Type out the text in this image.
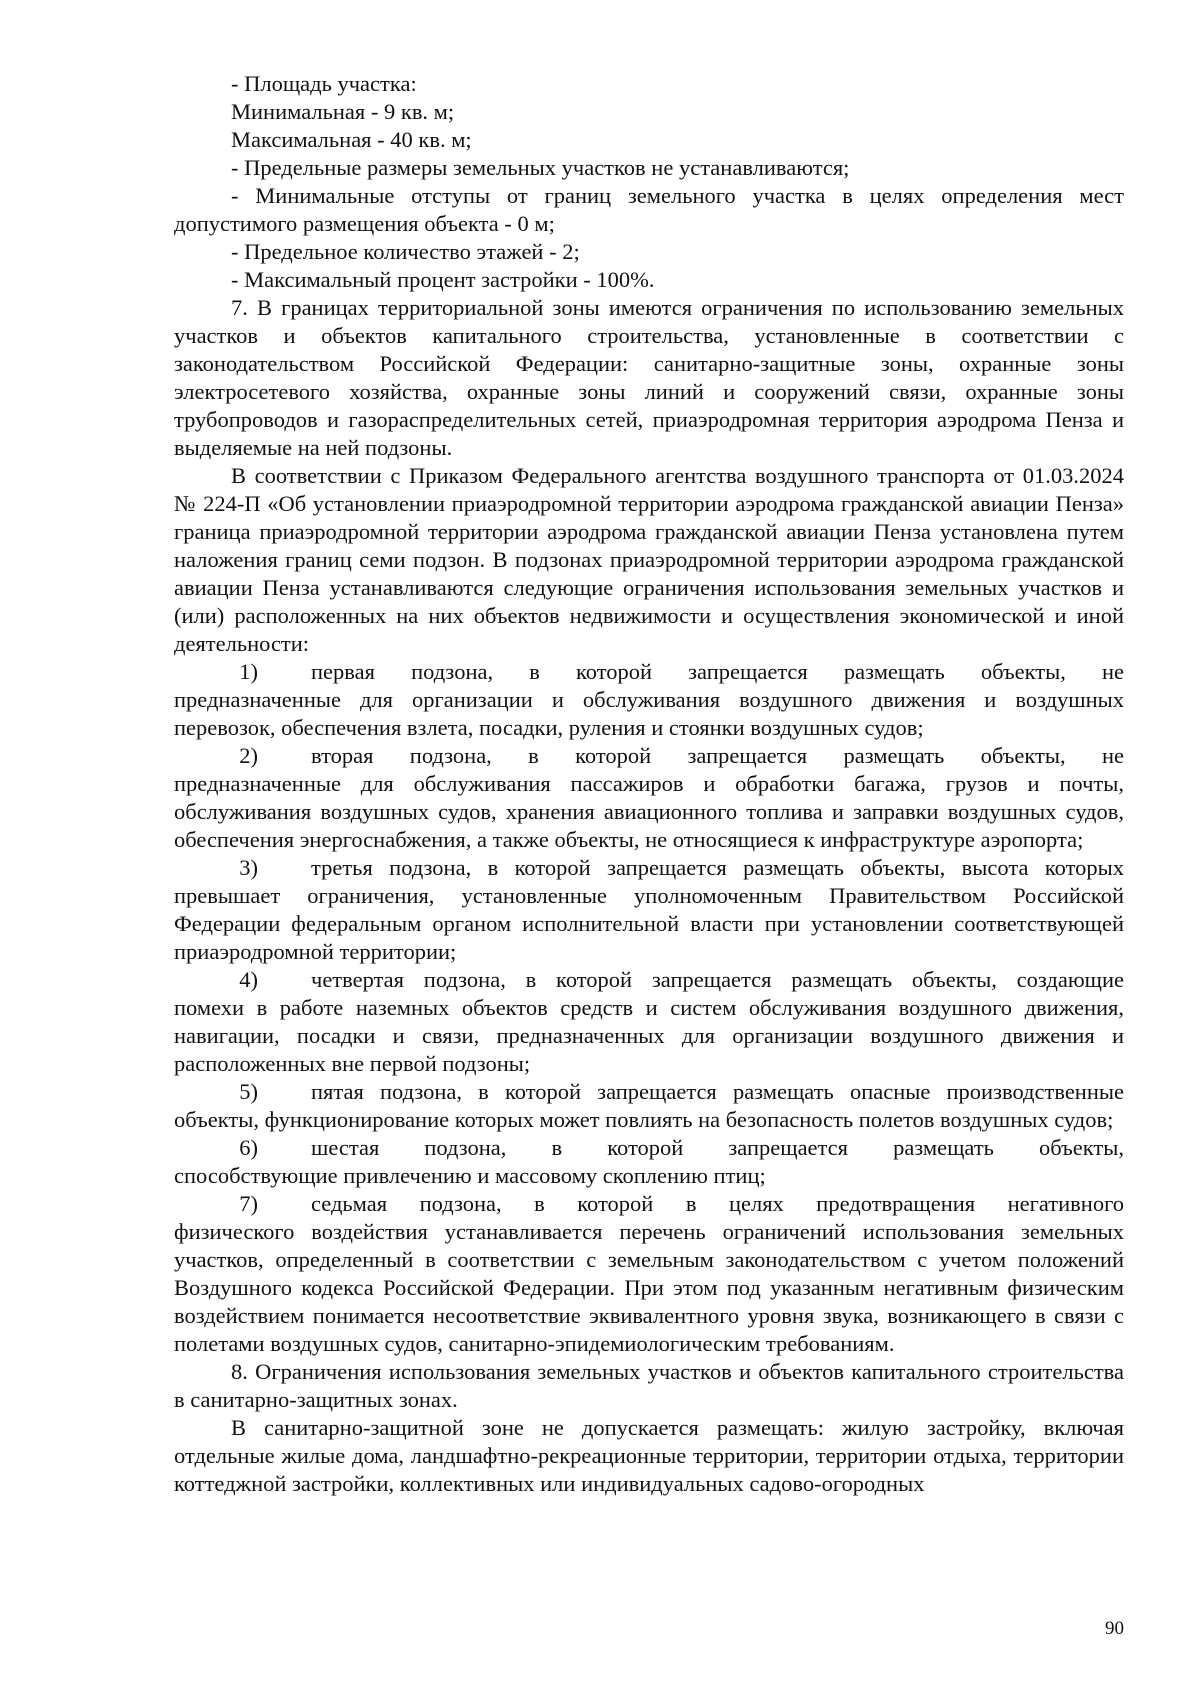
- Площадь участка:

Минимальная - 9 кв. м;

Максимальная - 40 кв. м;

- Предельные размеры земельных участков не устанавливаются;

- Минимальные отступы от границ земельного участка в целях определения мест допустимого размещения объекта - 0 м;

- Предельное количество этажей - 2;

- Максимальный процент застройки - 100%.

7. В границах территориальной зоны имеются ограничения по использованию земельных участков и объектов капитального строительства, установленные в соответствии с законодательством Российской Федерации: санитарно-защитные зоны, охранные зоны электросетевого хозяйства, охранные зоны линий и сооружений связи, охранные зоны трубопроводов и газораспределительных сетей, приаэродромная территория аэродрома Пенза и выделяемые на ней подзоны.

В соответствии с Приказом Федерального агентства воздушного транспорта от 01.03.2024 № 224-П «Об установлении приаэродромной территории аэродрома гражданской авиации Пенза» граница приаэродромной территории аэродрома гражданской авиации Пенза установлена путем наложения границ семи подзон. В подзонах приаэродромной территории аэродрома гражданской авиации Пенза устанавливаются следующие ограничения использования земельных участков и (или) расположенных на них объектов недвижимости и осуществления экономической и иной деятельности:

1) первая подзона, в которой запрещается размещать объекты, не

предназначенные для организации и обслуживания воздушного движения и воздушных перевозок, обеспечения взлета, посадки, руления и стоянки воздушных судов;

2) вторая подзона, в которой запрещается размещать объекты, не

предназначенные для обслуживания пассажиров и обработки багажа, грузов и почты, обслуживания воздушных судов, хранения авиационного топлива и заправки воздушных судов, обеспечения энергоснабжения, а также объекты, не относящиеся к инфраструктуре аэропорта;

3) третья подзона, в которой запрещается размещать объекты, высота которых

превышает ограничения, установленные уполномоченным Правительством Российской Федерации федеральным органом исполнительной власти при установлении соответствующей приаэродромной территории;

4) четвертая подзона, в которой запрещается размещать объекты, создающие

помехи в работе наземных объектов средств и систем обслуживания воздушного движения, навигации, посадки и связи, предназначенных для организации воздушного движения и расположенных вне первой подзоны;

5) пятая подзона, в которой запрещается размещать опасные производственные

объекты, функционирование которых может повлиять на безопасность полетов воздушных судов;

6) шестая подзона, в которой запрещается размещать объекты,

способствующие привлечению и массовому скоплению птиц;

7) седьмая подзона, в которой в целях предотвращения негативного

физического воздействия устанавливается перечень ограничений использования земельных участков, определенный в соответствии с земельным законодательством с учетом положений Воздушного кодекса Российской Федерации. При этом под указанным негативным физическим воздействием понимается несоответствие эквивалентного уровня звука, возникающего в связи с полетами воздушных судов, санитарно-эпидемиологическим требованиям.

8. Ограничения использования земельных участков и объектов капитального строительства в санитарно-защитных зонах.

В санитарно-защитной зоне не допускается размещать: жилую застройку, включая отдельные жилые дома, ландшафтно-рекреационные территории, территории отдыха, территории коттеджной застройки, коллективных или индивидуальных садово-огородных

90
